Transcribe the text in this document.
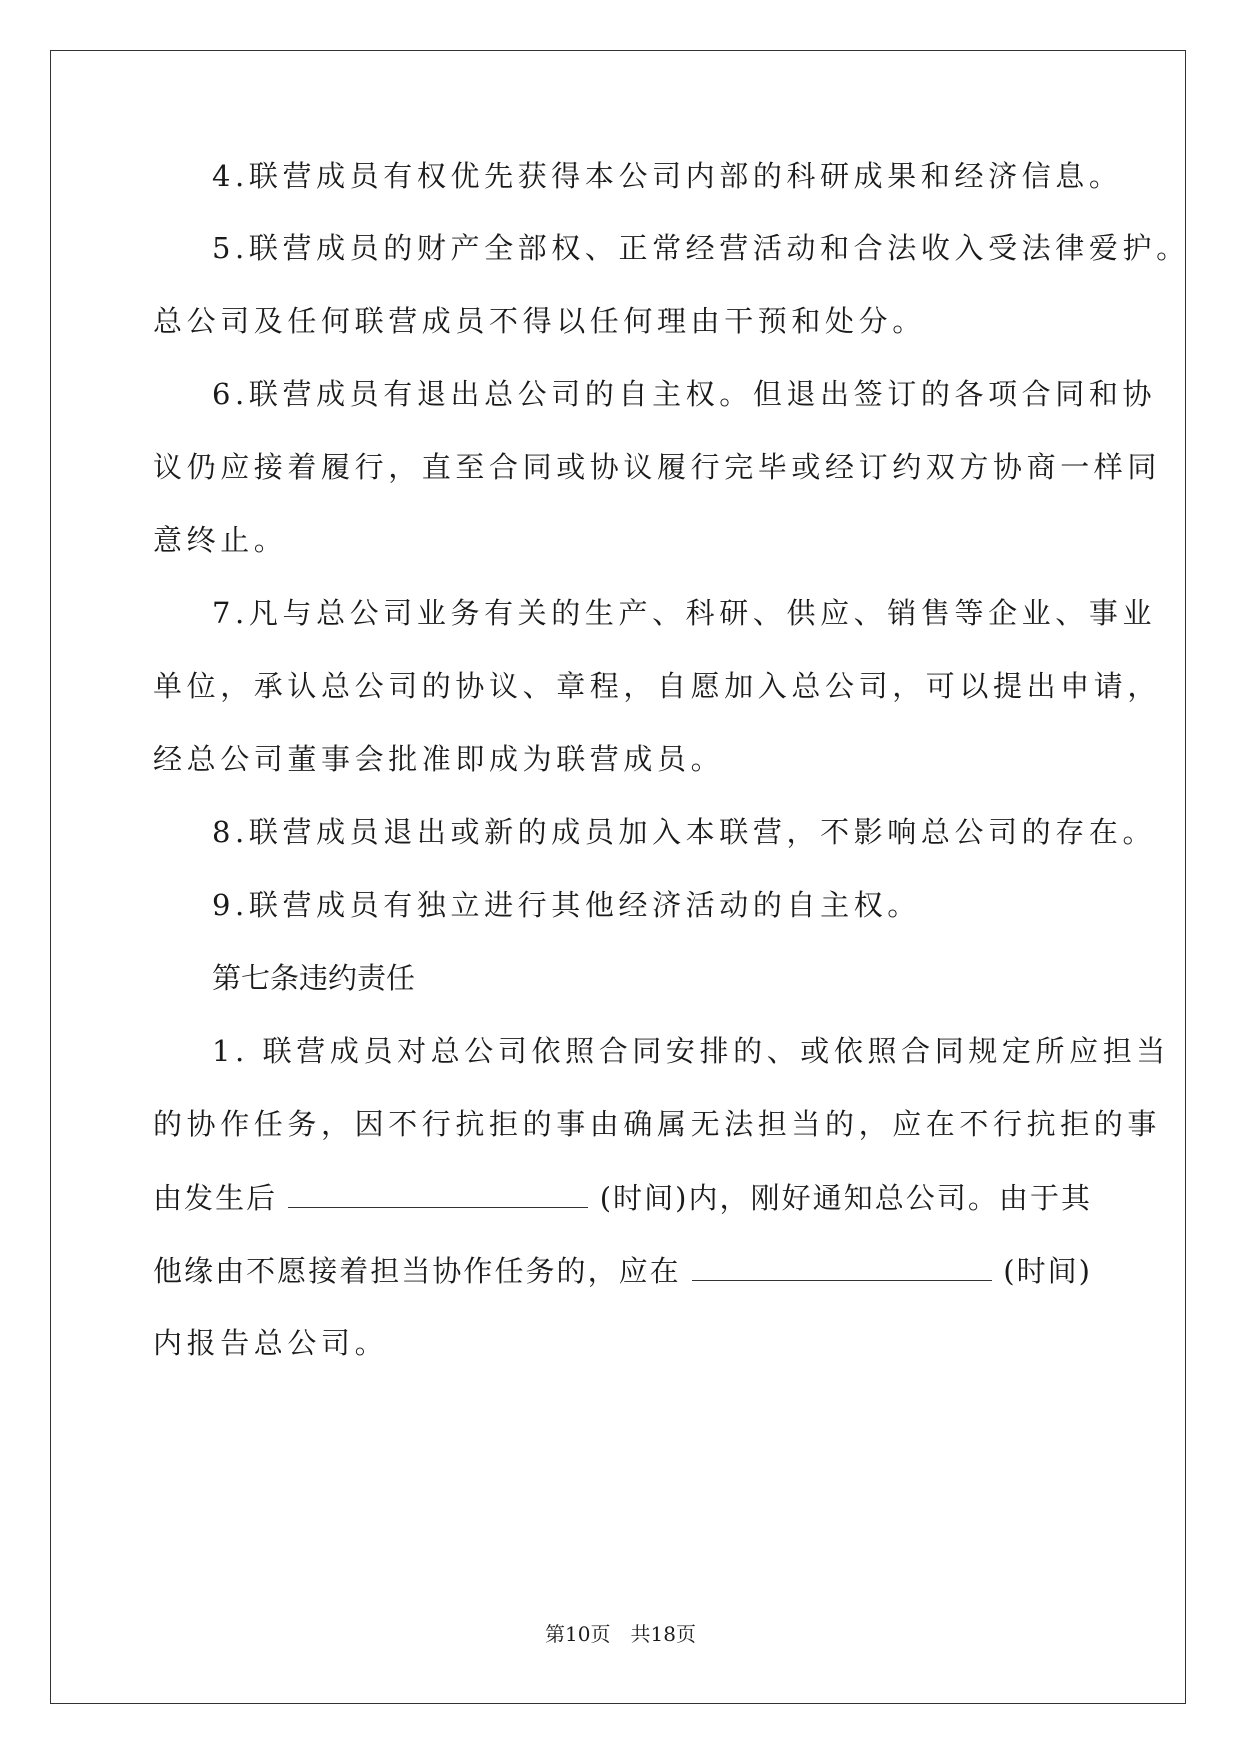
4.联营成员有权优先获得本公司内部的科研成果和经济信息。
5.联营成员的财产全部权、正常经营活动和合法收入受法律爱护。
总公司及任何联营成员不得以任何理由干预和处分。
6.联营成员有退出总公司的自主权。但退出签订的各项合同和协
议仍应接着履行，直至合同或协议履行完毕或经订约双方协商一样同
意终止。
7.凡与总公司业务有关的生产、科研、供应、销售等企业、事业
单位，承认总公司的协议、章程，自愿加入总公司，可以提出申请，
经总公司董事会批准即成为联营成员。
8.联营成员退出或新的成员加入本联营，不影响总公司的存在。
9.联营成员有独立进行其他经济活动的自主权。
第七条违约责任
1. 联营成员对总公司依照合同安排的、或依照合同规定所应担当
的协作任务，因不行抗拒的事由确属无法担当的，应在不行抗拒的事
由发生后	(时间)内，刚好通知总公司。由于其
他缘由不愿接着担当协作任务的，应在	(时间)
内报告总公司。
第10页　共18页
